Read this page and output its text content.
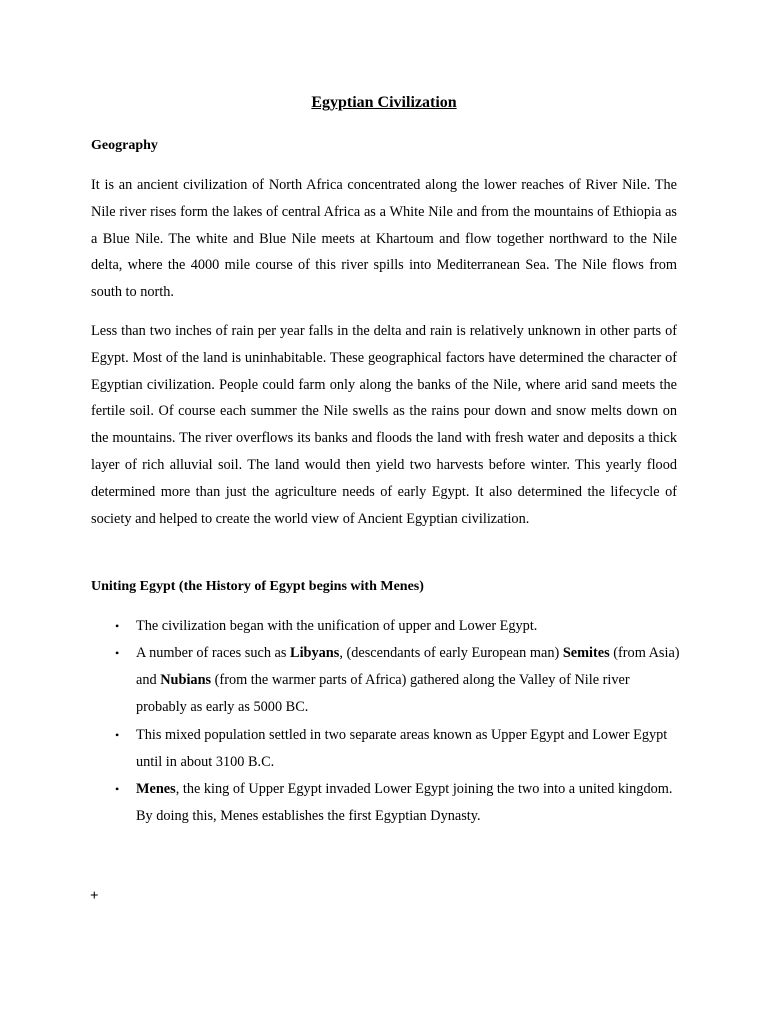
Egyptian Civilization
Geography

It is an ancient civilization of North Africa concentrated along the lower reaches of River Nile. The Nile river rises form the lakes of central Africa as a White Nile and from the mountains of Ethiopia as a Blue Nile. The white and Blue Nile meets at Khartoum and flow together northward to the Nile delta, where the 4000 mile course of this river spills into Mediterranean Sea. The Nile flows from south to north.

Less than two inches of rain per year falls in the delta and rain is relatively unknown in other parts of Egypt. Most of the land is uninhabitable. These geographical factors have determined the character of Egyptian civilization. People could farm only along the banks of the Nile, where arid sand meets the fertile soil. Of course each summer the Nile swells as the rains pour down and snow melts down on the mountains. The river overflows its banks and floods the land with fresh water and deposits a thick layer of rich alluvial soil. The land would then yield two harvests before winter. This yearly flood determined more than just the agriculture needs of early Egypt. It also determined the lifecycle of society and helped to create the world view of Ancient Egyptian civilization.

Uniting Egypt (the History of Egypt begins with Menes)
• The civilization began with the unification of upper and Lower Egypt.
• A number of races such as Libyans, (descendants of early European man) Semites (from Asia) and Nubians (from the warmer parts of Africa) gathered along the Valley of Nile river probably as early as 5000 BC.
• This mixed population settled in two separate areas known as Upper Egypt and Lower Egypt until in about 3100 B.C.
• Menes, the king of Upper Egypt invaded Lower Egypt joining the two into a united kingdom. By doing this, Menes establishes the first Egyptian Dynasty.
+
